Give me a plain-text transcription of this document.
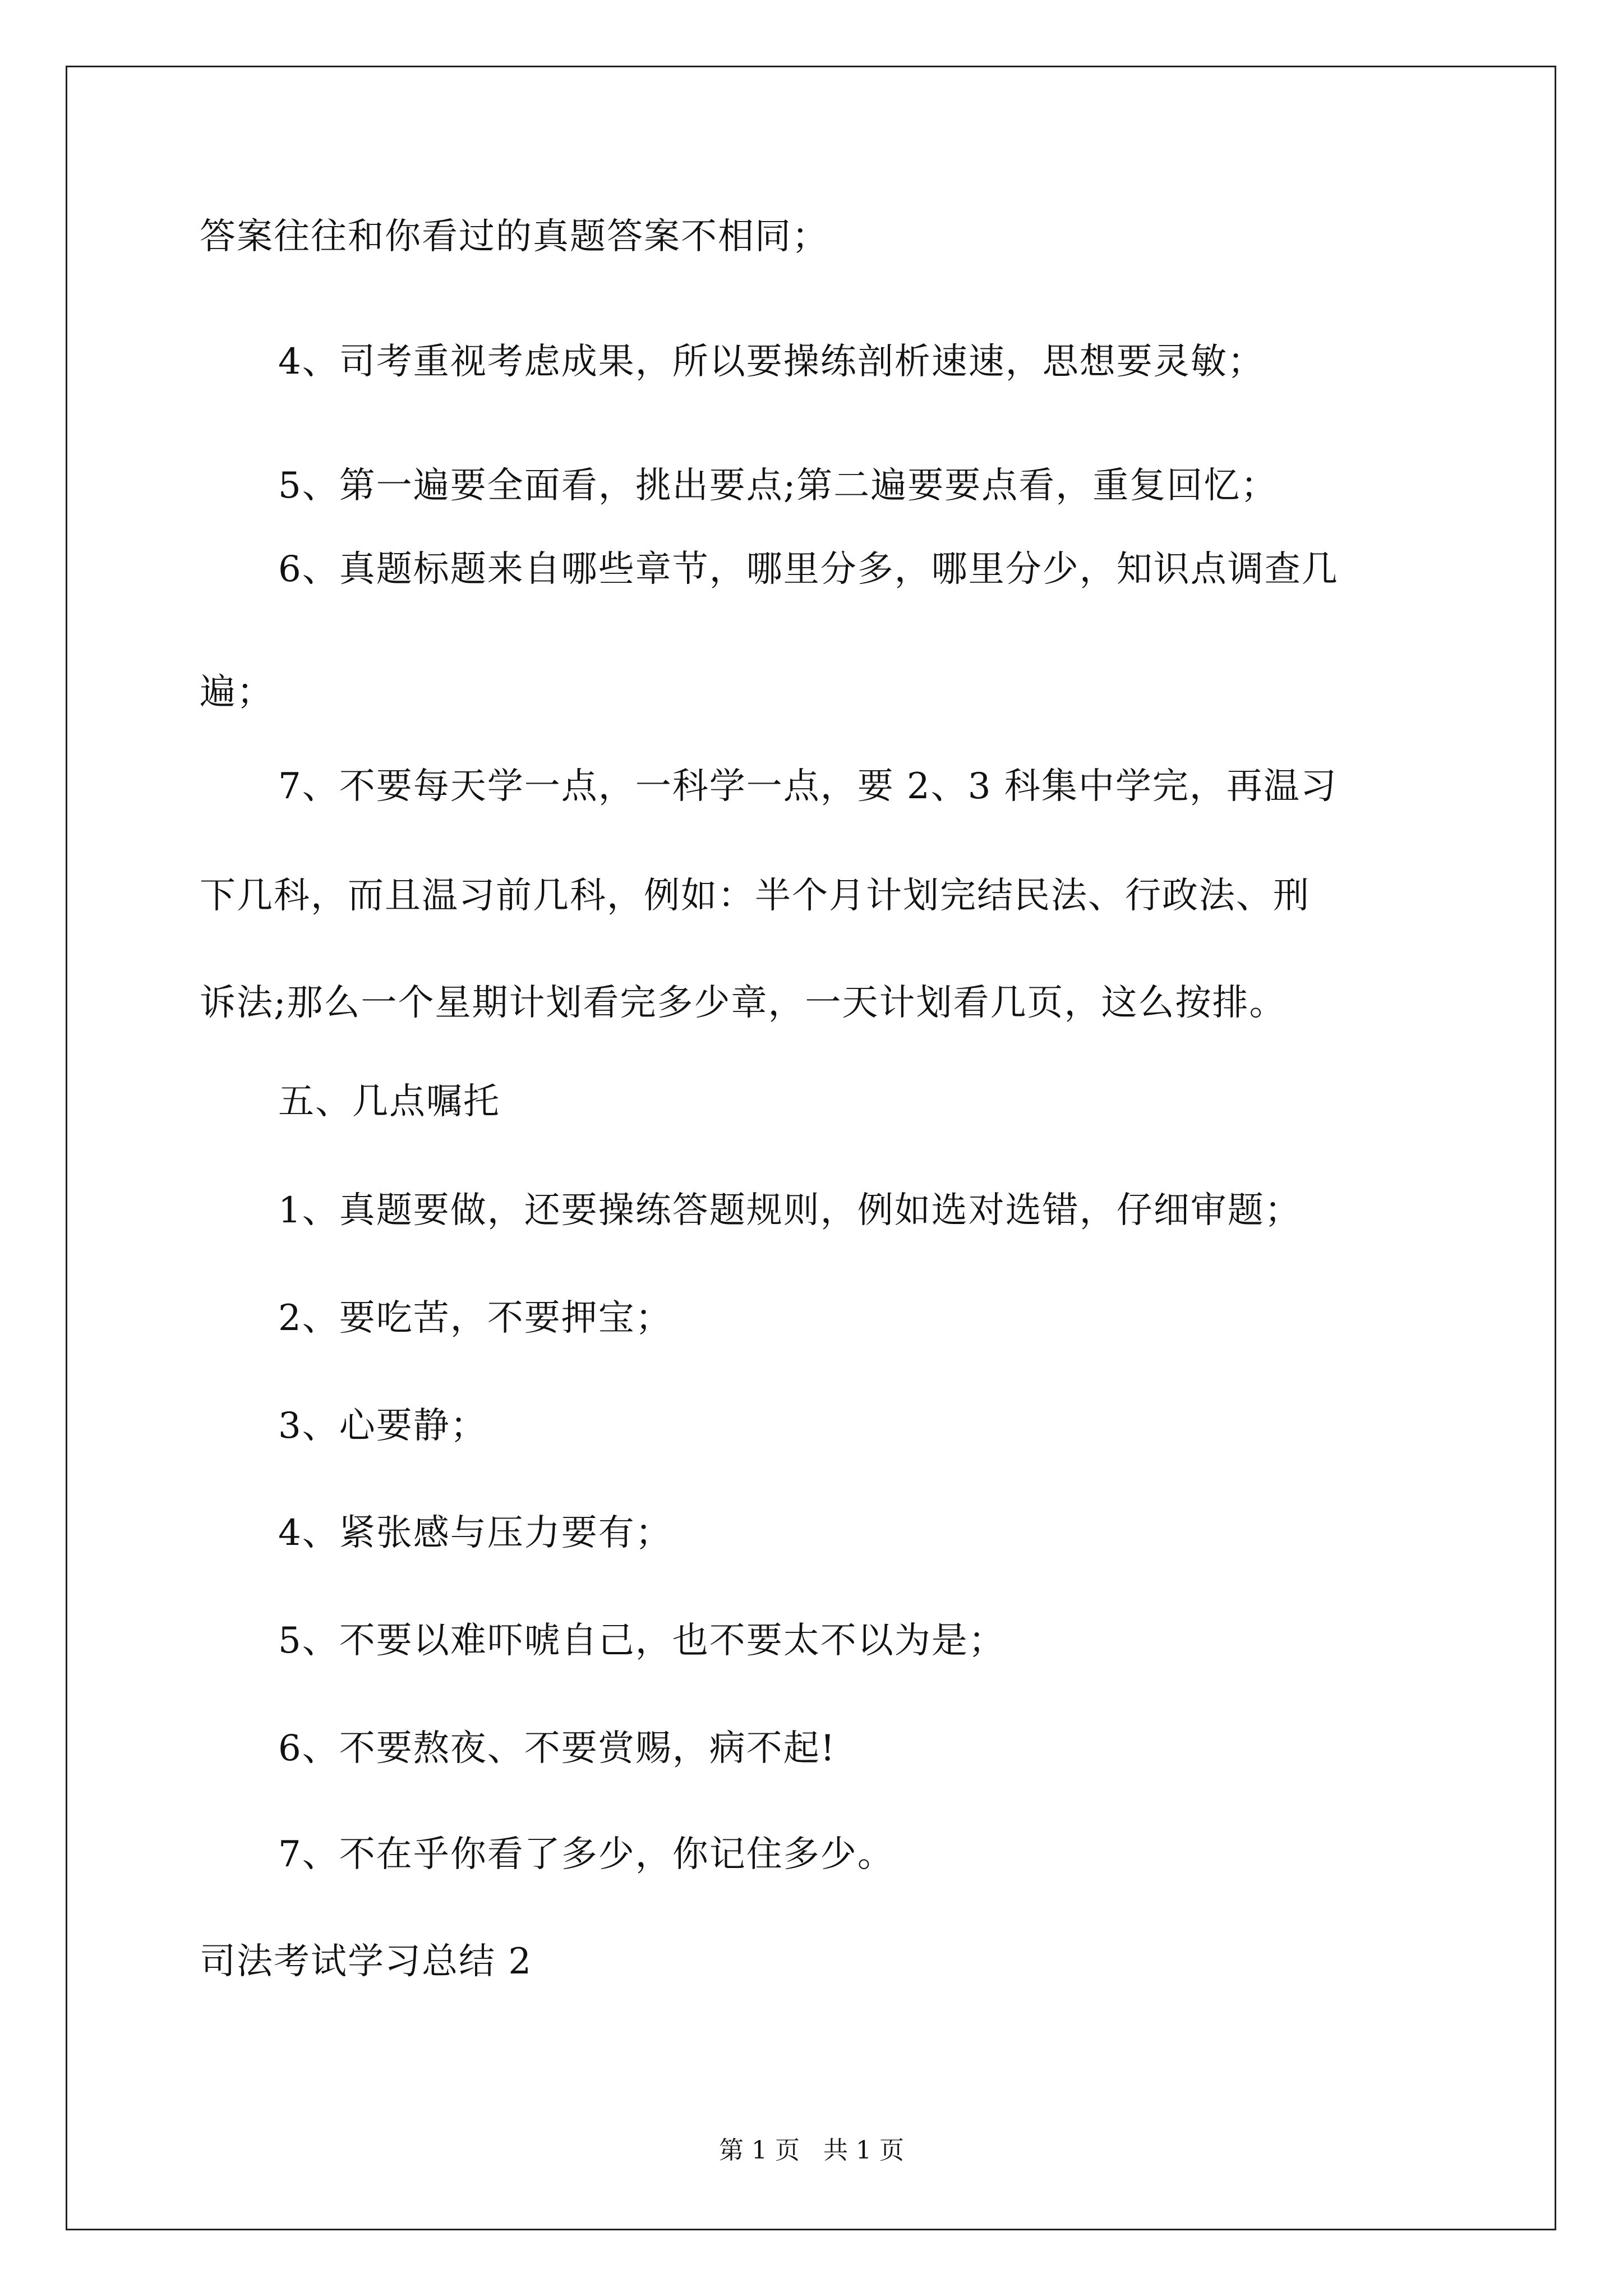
答案往往和你看过的真题答案不相同；
4、司考重视考虑成果，所以要操练剖析速速，思想要灵敏；
5、第一遍要全面看，挑出要点;第二遍要要点看，重复回忆；
6、真题标题来自哪些章节，哪里分多，哪里分少，知识点调查几
遍；
7、不要每天学一点，一科学一点，要 2、3 科集中学完，再温习
下几科，而且温习前几科，例如：半个月计划完结民法、行政法、刑
诉法;那么一个星期计划看完多少章，一天计划看几页，这么按排。
五、几点嘱托
1、真题要做，还要操练答题规则，例如选对选错，仔细审题；
2、要吃苦，不要押宝；
3、心要静；
4、紧张感与压力要有；
5、不要以难吓唬自己，也不要太不以为是；
6、不要熬夜、不要赏赐，病不起!
7、不在乎你看了多少，你记住多少。
司法考试学习总结 2
第 1 页   共 1 页
